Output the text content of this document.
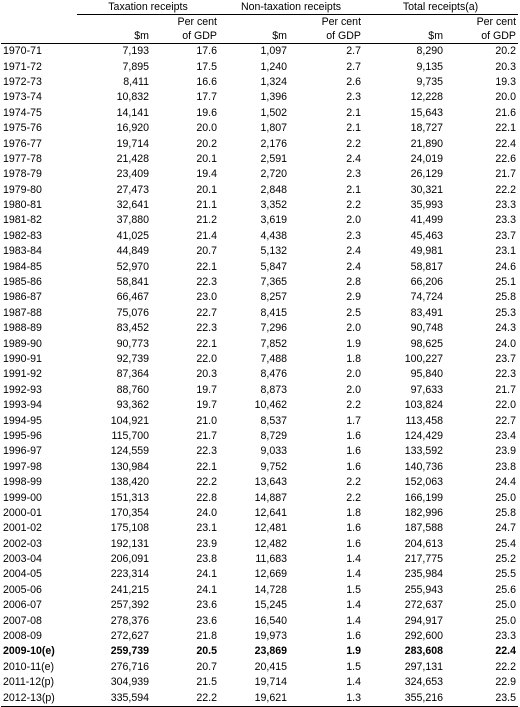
	Taxation receipts		Non-taxation receipts		Total receipts(a)	
		Per cent		Per cent		Per cent
	$m	of GDP	$m	of GDP	$m	of GDP
1970-71	7,193	17.6	1,097	2.7	8,290	20.2
1971-72	7,895	17.5	1,240	2.7	9,135	20.3
1972-73	8,411	16.6	1,324	2.6	9,735	19.3
1973-74	10,832	17.7	1,396	2.3	12,228	20.0
1974-75	14,141	19.6	1,502	2.1	15,643	21.6
1975-76	16,920	20.0	1,807	2.1	18,727	22.1
1976-77	19,714	20.2	2,176	2.2	21,890	22.4
1977-78	21,428	20.1	2,591	2.4	24,019	22.6
1978-79	23,409	19.4	2,720	2.3	26,129	21.7
1979-80	27,473	20.1	2,848	2.1	30,321	22.2
1980-81	32,641	21.1	3,352	2.2	35,993	23.3
1981-82	37,880	21.2	3,619	2.0	41,499	23.3
1982-83	41,025	21.4	4,438	2.3	45,463	23.7
1983-84	44,849	20.7	5,132	2.4	49,981	23.1
1984-85	52,970	22.1	5,847	2.4	58,817	24.6
1985-86	58,841	22.3	7,365	2.8	66,206	25.1
1986-87	66,467	23.0	8,257	2.9	74,724	25.8
1987-88	75,076	22.7	8,415	2.5	83,491	25.3
1988-89	83,452	22.3	7,296	2.0	90,748	24.3
1989-90	90,773	22.1	7,852	1.9	98,625	24.0
1990-91	92,739	22.0	7,488	1.8	100,227	23.7
1991-92	87,364	20.3	8,476	2.0	95,840	22.3
1992-93	88,760	19.7	8,873	2.0	97,633	21.7
1993-94	93,362	19.7	10,462	2.2	103,824	22.0
1994-95	104,921	21.0	8,537	1.7	113,458	22.7
1995-96	115,700	21.7	8,729	1.6	124,429	23.4
1996-97	124,559	22.3	9,033	1.6	133,592	23.9
1997-98	130,984	22.1	9,752	1.6	140,736	23.8
1998-99	138,420	22.2	13,643	2.2	152,063	24.4
1999-00	151,313	22.8	14,887	2.2	166,199	25.0
2000-01	170,354	24.0	12,641	1.8	182,996	25.8
2001-02	175,108	23.1	12,481	1.6	187,588	24.7
2002-03	192,131	23.9	12,482	1.6	204,613	25.4
2003-04	206,091	23.8	11,683	1.4	217,775	25.2
2004-05	223,314	24.1	12,669	1.4	235,984	25.5
2005-06	241,215	24.1	14,728	1.5	255,943	25.6
2006-07	257,392	23.6	15,245	1.4	272,637	25.0
2007-08	278,376	23.6	16,540	1.4	294,917	25.0
2008-09	272,627	21.8	19,973	1.6	292,600	23.3
2009-10(e)	259,739	20.5	23,869	1.9	283,608	22.4
2010-11(e)	276,716	20.7	20,415	1.5	297,131	22.2
2011-12(p)	304,939	21.5	19,714	1.4	324,653	22.9
2012-13(p)	335,594	22.2	19,621	1.3	355,216	23.5
